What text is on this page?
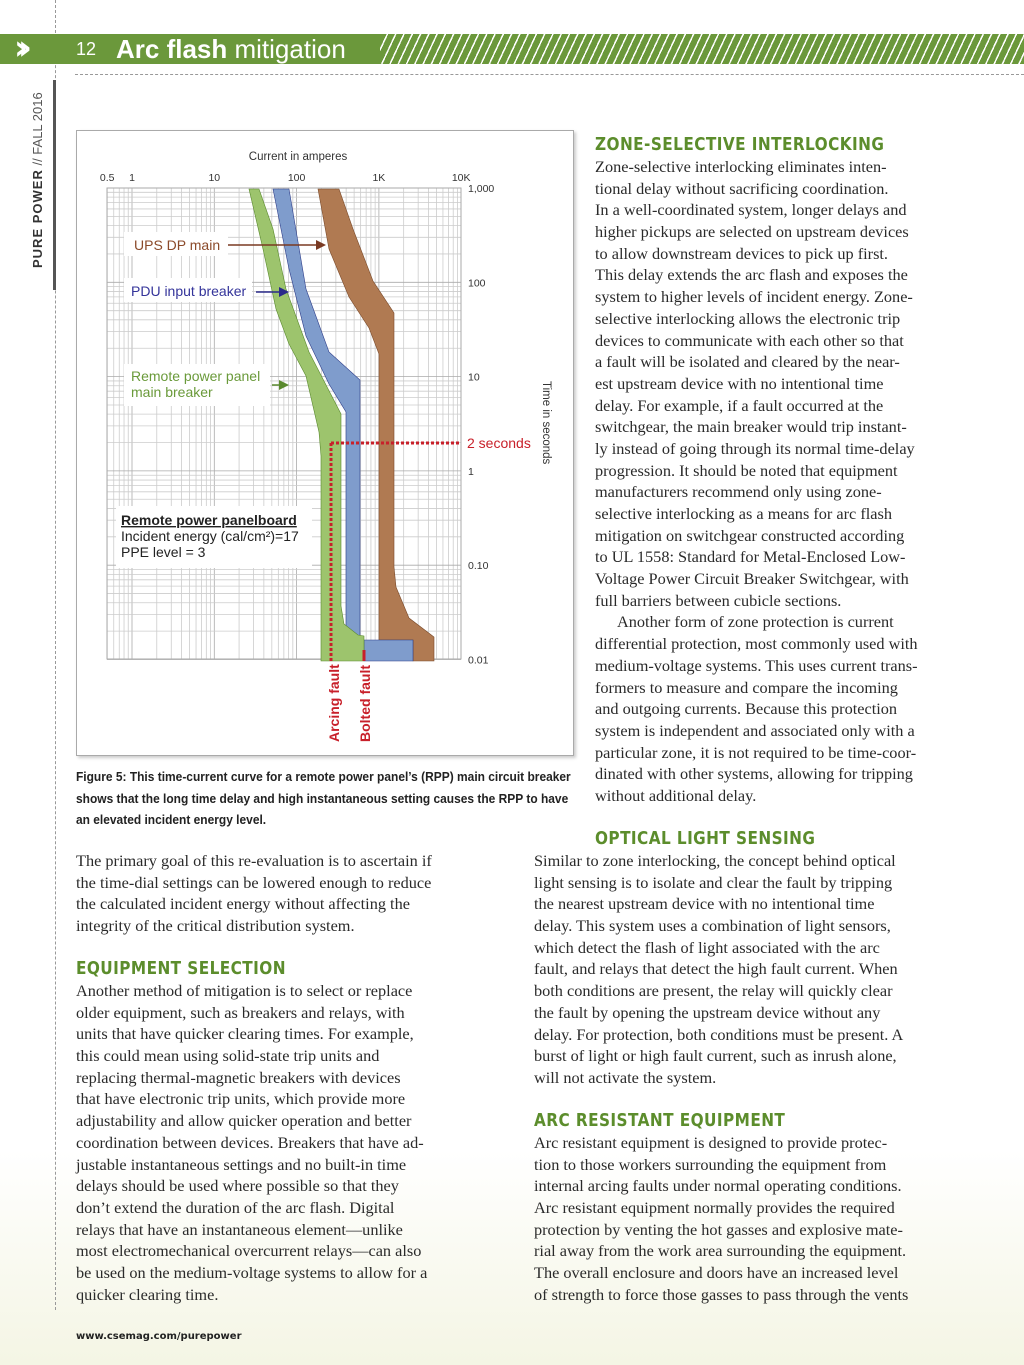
››	12 Arc flash mitigation
PURE POWER // FALL 2016	Current in amperes
0.5 1	10	100	1K	10K
1,000
100
10
1
0.10
0.01
UPS DP main
PDU input breaker
Remote power panel
main breaker
2 seconds
Remote power panelboard
Incident energy (cal/cm²)=17
PPE level = 3
Arcing fault Bolted fault
Time in seconds
Figure 5: This time-current curve for a remote power panel’s (RPP) main circuit breaker
shows that the long time delay and high instantaneous setting causes the RPP to have
an elevated incident energy level.
The primary goal of this re-evaluation is to ascertain if
the time-dial settings can be lowered enough to reduce
the calculated incident energy without affecting the
integrity of the critical distribution system.
EQUIPMENT SELECTION
Another method of mitigation is to select or replace
older equipment, such as breakers and relays, with
units that have quicker clearing times. For example,
this could mean using solid-state trip units and
replacing thermal-magnetic breakers with devices
that have electronic trip units, which provide more
adjustability and allow quicker operation and better
coordination between devices. Breakers that have ad-
justable instantaneous settings and no built-in time
delays should be used where possible so that they
don’t extend the duration of the arc flash. Digital
relays that have an instantaneous element—unlike
most electromechanical overcurrent relays—can also
be used on the medium-voltage systems to allow for a
quicker clearing time.
ZONE-SELECTIVE INTERLOCKING
Zone-selective interlocking eliminates inten-
tional delay without sacrificing coordination.
In a well-coordinated system, longer delays and
higher pickups are selected on upstream devices
to allow downstream devices to pick up first.
This delay extends the arc flash and exposes the
system to higher levels of incident energy. Zone-
selective interlocking allows the electronic trip
devices to communicate with each other so that
a fault will be isolated and cleared by the near-
est upstream device with no intentional time
delay. For example, if a fault occurred at the
switchgear, the main breaker would trip instant-
ly instead of going through its normal time-delay
progression. It should be noted that equipment
manufacturers recommend only using zone-
selective interlocking as a means for arc flash
mitigation on switchgear constructed according
to UL 1558: Standard for Metal-Enclosed Low-
Voltage Power Circuit Breaker Switchgear, with
full barriers between cubicle sections.
Another form of zone protection is current
differential protection, most commonly used with
medium-voltage systems. This uses current trans-
formers to measure and compare the incoming
and outgoing currents. Because this protection
system is independent and associated only with a
particular zone, it is not required to be time-coor-
dinated with other systems, allowing for tripping
without additional delay.
OPTICAL LIGHT SENSING
Similar to zone interlocking, the concept behind optical
light sensing is to isolate and clear the fault by tripping
the nearest upstream device with no intentional time
delay. This system uses a combination of light sensors,
which detect the flash of light associated with the arc
fault, and relays that detect the high fault current. When
both conditions are present, the relay will quickly clear
the fault by opening the upstream device without any
delay. For protection, both conditions must be present. A
burst of light or high fault current, such as inrush alone,
will not activate the system.
ARC RESISTANT EQUIPMENT
Arc resistant equipment is designed to provide protec-
tion to those workers surrounding the equipment from
internal arcing faults under normal operating conditions.
Arc resistant equipment normally provides the required
protection by venting the hot gasses and explosive mate-
rial away from the work area surrounding the equipment.
The overall enclosure and doors have an increased level
of strength to force those gasses to pass through the vents
www.csemag.com/purepower
